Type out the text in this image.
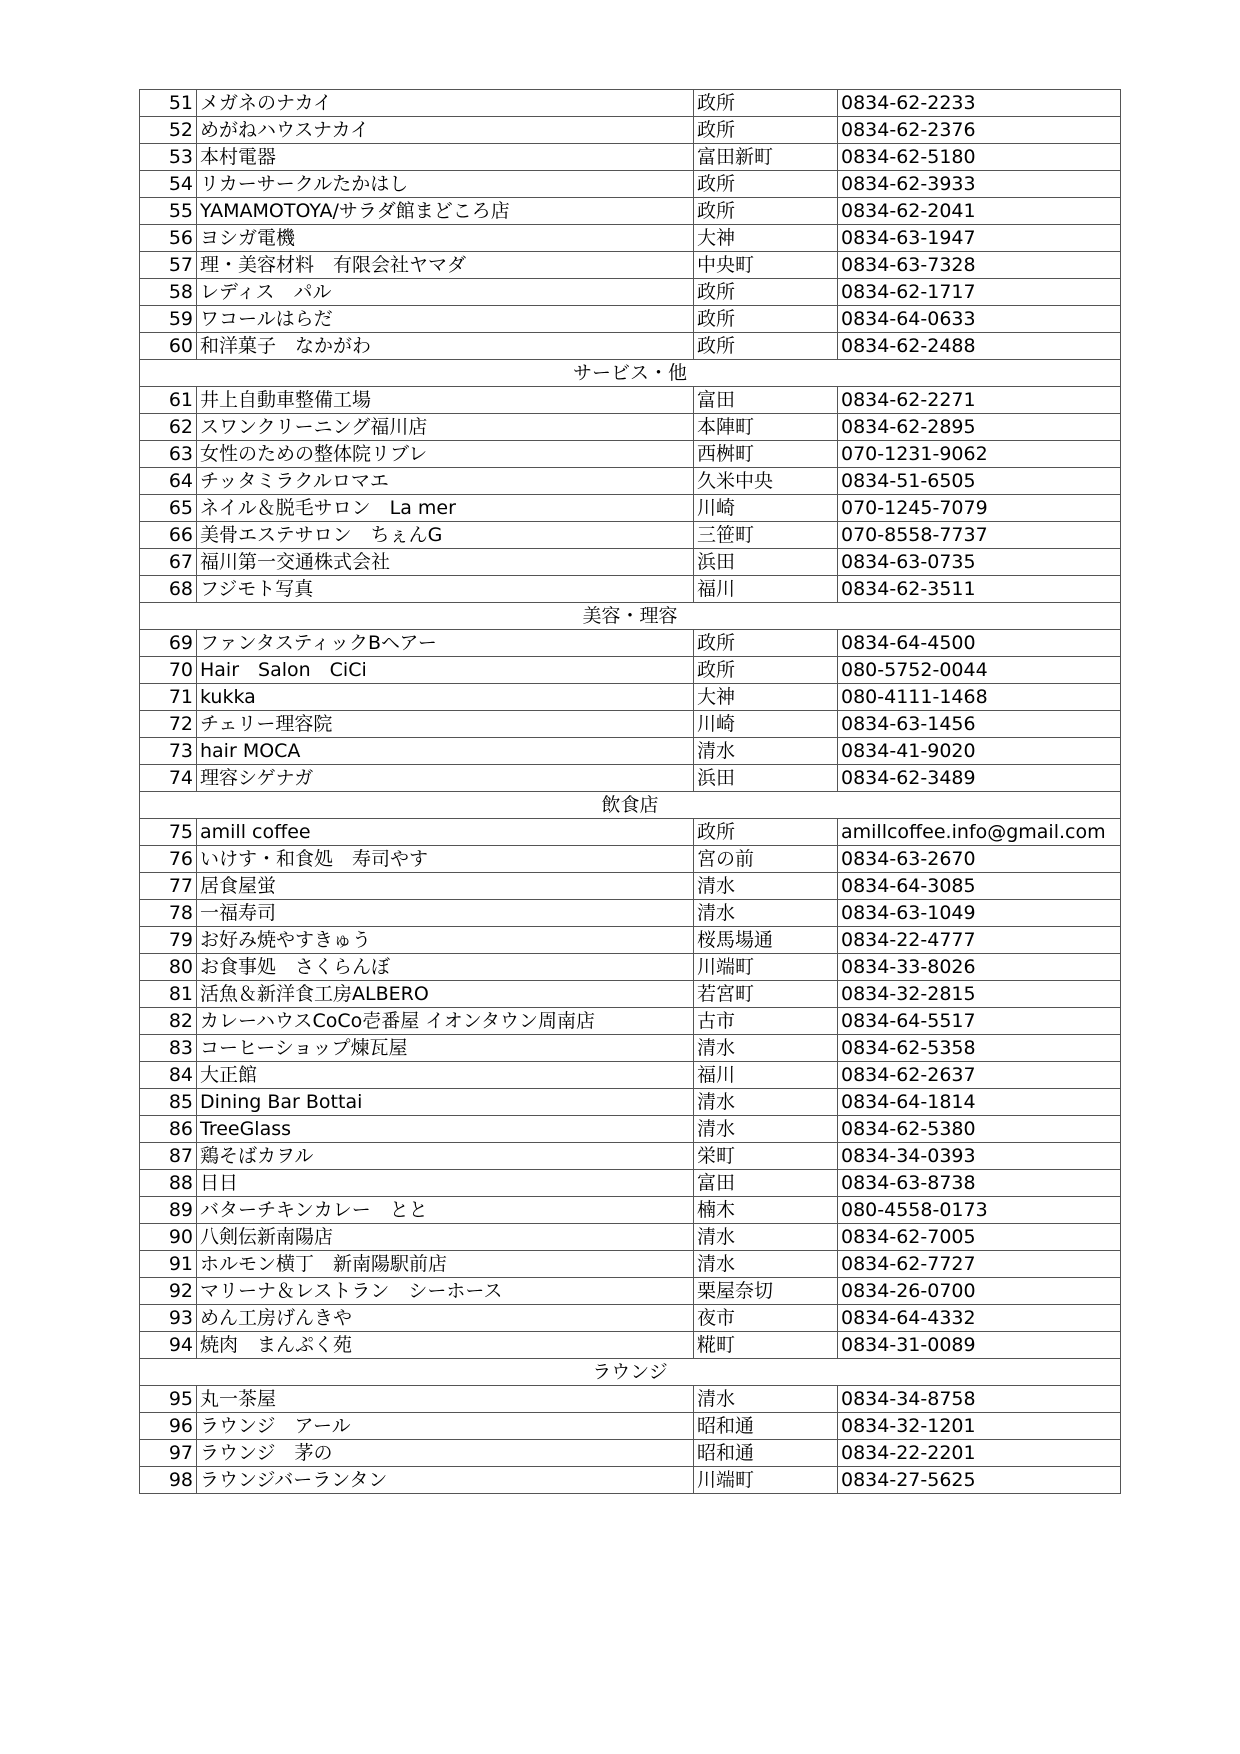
51	メガネのナカイ	政所	0834-62-2233
52	めがねハウスナカイ	政所	0834-62-2376
53	本村電器	富田新町	0834-62-5180
54	リカーサークルたかはし	政所	0834-62-3933
55	YAMAMOTOYA/サラダ館まどころ店	政所	0834-62-2041
56	ヨシガ電機	大神	0834-63-1947
57	理・美容材料　有限会社ヤマダ	中央町	0834-63-7328
58	レディス　パル	政所	0834-62-1717
59	ワコールはらだ	政所	0834-64-0633
60	和洋菓子　なかがわ	政所	0834-62-2488
サービス・他			
61	井上自動車整備工場	富田	0834-62-2271
62	スワンクリーニング福川店	本陣町	0834-62-2895
63	女性のための整体院リブレ	西桝町	070-1231-9062
64	チッタミラクルロマエ	久米中央	0834-51-6505
65	ネイル＆脱毛サロン　La mer	川崎	070-1245-7079
66	美骨エステサロン　ちぇんG	三笹町	070-8558-7737
67	福川第一交通株式会社	浜田	0834-63-0735
68	フジモト写真	福川	0834-62-3511
美容・理容			
69	ファンタスティックBヘアー	政所	0834-64-4500
70	Hair　Salon　CiCi	政所	080-5752-0044
71	kukka	大神	080-4111-1468
72	チェリー理容院	川崎	0834-63-1456
73	hair MOCA	清水	0834-41-9020
74	理容シゲナガ	浜田	0834-62-3489
飲食店			
75	amill coffee	政所	amillcoffee.info@gmail.com
76	いけす・和食処　寿司やす	宮の前	0834-63-2670
77	居食屋蛍	清水	0834-64-3085
78	一福寿司	清水	0834-63-1049
79	お好み焼やすきゅう	桜馬場通	0834-22-4777
80	お食事処　さくらんぼ	川端町	0834-33-8026
81	活魚＆新洋食工房ALBERO	若宮町	0834-32-2815
82	カレーハウスCoCo壱番屋 イオンタウン周南店	古市	0834-64-5517
83	コーヒーショップ煉瓦屋	清水	0834-62-5358
84	大正館	福川	0834-62-2637
85	Dining Bar Bottai	清水	0834-64-1814
86	TreeGlass	清水	0834-62-5380
87	鶏そばカヲル	栄町	0834-34-0393
88	日日	富田	0834-63-8738
89	バターチキンカレー　とと	楠木	080-4558-0173
90	八剣伝新南陽店	清水	0834-62-7005
91	ホルモン横丁　新南陽駅前店	清水	0834-62-7727
92	マリーナ＆レストラン　シーホース	栗屋奈切	0834-26-0700
93	めん工房げんきや	夜市	0834-64-4332
94	焼肉　まんぷく苑	糀町	0834-31-0089
ラウンジ			
95	丸一茶屋	清水	0834-34-8758
96	ラウンジ　アール	昭和通	0834-32-1201
97	ラウンジ　茅の	昭和通	0834-22-2201
98	ラウンジバーランタン	川端町	0834-27-5625
